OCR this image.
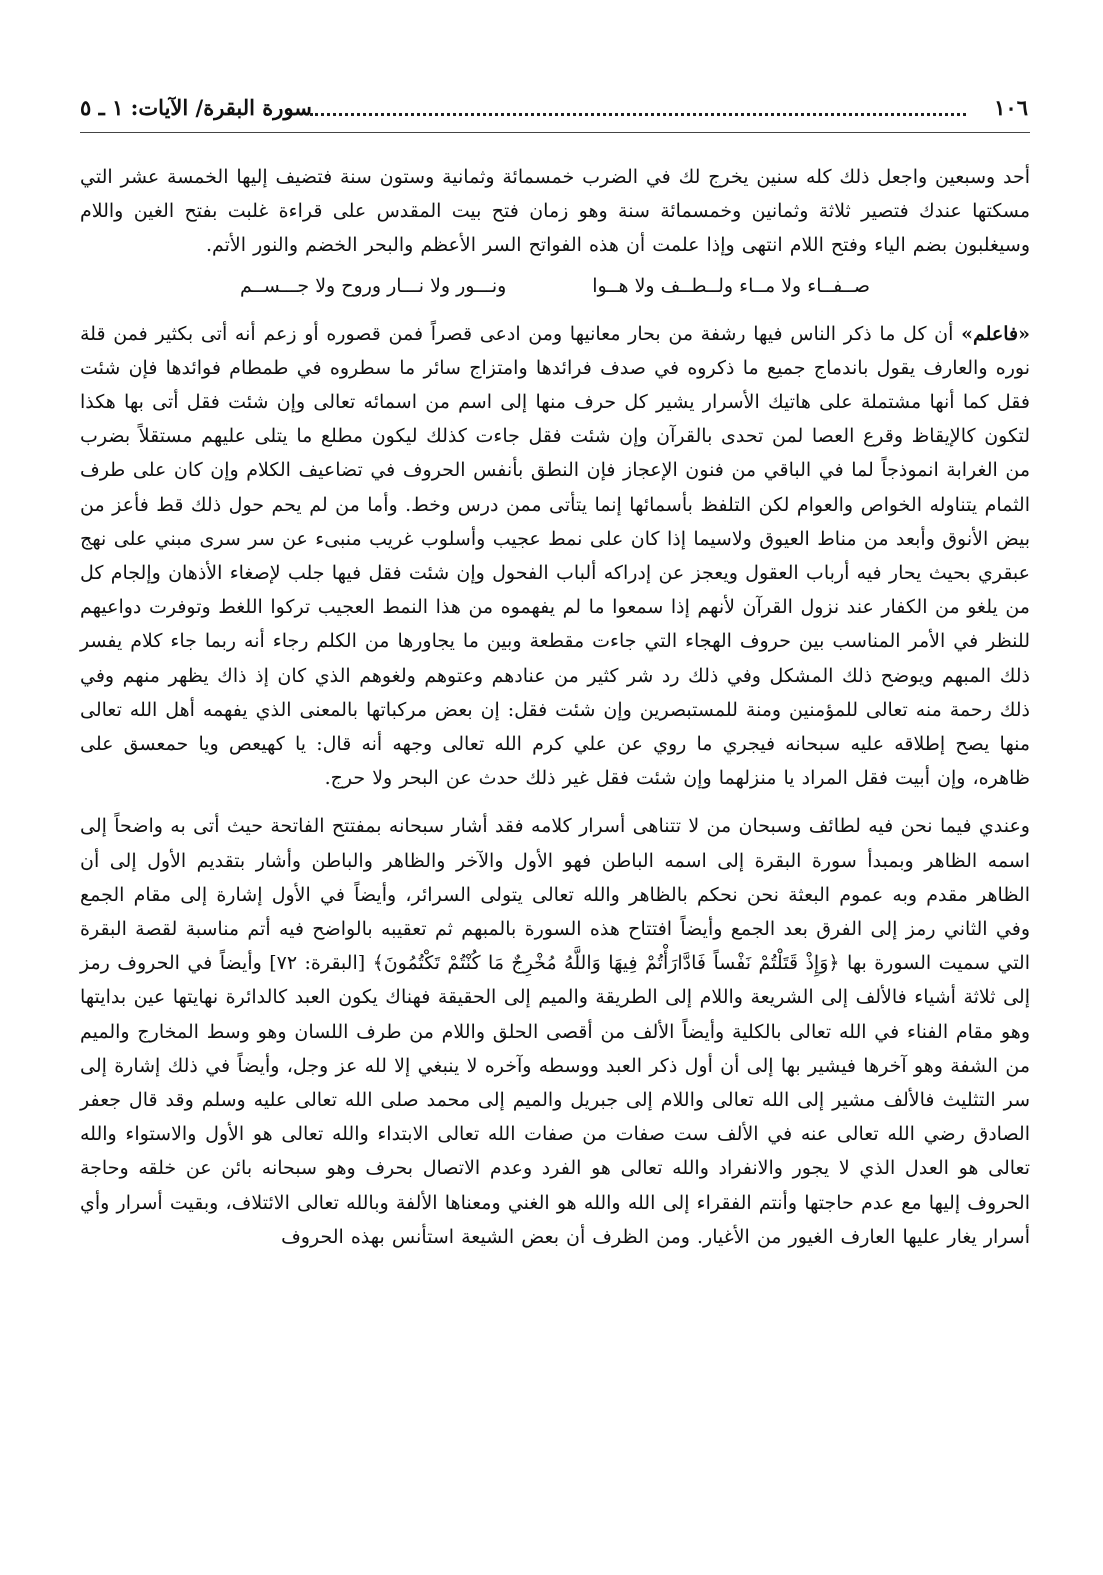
١٠٦
سورة البقرة/ الآيات: ١ ـ ٥

أحد وسبعين واجعل ذلك كله سنين يخرج لك في الضرب خمسمائة وثمانية وستون سنة فتضيف إليها الخمسة عشر التي مسكتها عندك فتصير ثلاثة وثمانين وخمسمائة سنة وهو زمان فتح بيت المقدس على قراءة غلبت بفتح الغين واللام وسيغلبون بضم الياء وفتح اللام انتهى وإذا علمت أن هذه الفواتح السر الأعظم والبحر الخضم والنور الأتم.

صــفــاء ولا مــاء ولــطــف ولا هــوا
ونـــور ولا نـــار وروح ولا جـــســم

«فاعلم» أن كل ما ذكر الناس فيها رشفة من بحار معانيها ومن ادعى قصراً فمن قصوره أو زعم أنه أتى بكثير فمن قلة نوره والعارف يقول باندماج جميع ما ذكروه في صدف فرائدها وامتزاج سائر ما سطروه في طمطام فوائدها فإن شئت فقل كما أنها مشتملة على هاتيك الأسرار يشير كل حرف منها إلى اسم من اسمائه تعالى وإن شئت فقل أتى بها هكذا لتكون كالإيقاظ وقرع العصا لمن تحدى بالقرآن وإن شئت فقل جاءت كذلك ليكون مطلع ما يتلى عليهم مستقلاً بضرب من الغرابة انموذجاً لما في الباقي من فنون الإعجاز فإن النطق بأنفس الحروف في تضاعيف الكلام وإن كان على طرف الثمام يتناوله الخواص والعوام لكن التلفظ بأسمائها إنما يتأتى ممن درس وخط. وأما من لم يحم حول ذلك قط فأعز من بيض الأنوق وأبعد من مناط العيوق ولاسيما إذا كان على نمط عجيب وأسلوب غريب منبىء عن سر سرى مبني على نهج عبقري بحيث يحار فيه أرباب العقول ويعجز عن إدراكه ألباب الفحول وإن شئت فقل فيها جلب لإصغاء الأذهان وإلجام كل من يلغو من الكفار عند نزول القرآن لأنهم إذا سمعوا ما لم يفهموه من هذا النمط العجيب تركوا اللغط وتوفرت دواعيهم للنظر في الأمر المناسب بين حروف الهجاء التي جاءت مقطعة وبين ما يجاورها من الكلم رجاء أنه ربما جاء كلام يفسر ذلك المبهم ويوضح ذلك المشكل وفي ذلك رد شر كثير من عنادهم وعتوهم ولغوهم الذي كان إذ ذاك يظهر منهم وفي ذلك رحمة منه تعالى للمؤمنين ومنة للمستبصرين وإن شئت فقل: إن بعض مركباتها بالمعنى الذي يفهمه أهل الله تعالى منها يصح إطلاقه عليه سبحانه فيجري ما روي عن علي كرم الله تعالى وجهه أنه قال: يا كهيعص ويا حمعسق على ظاهره، وإن أبيت فقل المراد يا منزلهما وإن شئت فقل غير ذلك حدث عن البحر ولا حرج.

وعندي فيما نحن فيه لطائف وسبحان من لا تتناهى أسرار كلامه فقد أشار سبحانه بمفتتح الفاتحة حيث أتى به واضحاً إلى اسمه الظاهر وبمبدأ سورة البقرة إلى اسمه الباطن فهو الأول والآخر والظاهر والباطن وأشار بتقديم الأول إلى أن الظاهر مقدم وبه عموم البعثة نحن نحكم بالظاهر والله تعالى يتولى السرائر، وأيضاً في الأول إشارة إلى مقام الجمع وفي الثاني رمز إلى الفرق بعد الجمع وأيضاً افتتاح هذه السورة بالمبهم ثم تعقيبه بالواضح فيه أتم مناسبة لقصة البقرة التي سميت السورة بها ﴿وَإِذْ قَتَلْتُمْ نَفْساً فَادَّارَأْتُمْ فِيهَا وَاللَّهُ مُخْرِجٌ مَا كُنْتُمْ تَكْتُمُونَ﴾ [البقرة: ٧٢] وأيضاً في الحروف رمز إلى ثلاثة أشياء فالألف إلى الشريعة واللام إلى الطريقة والميم إلى الحقيقة فهناك يكون العبد كالدائرة نهايتها عين بدايتها وهو مقام الفناء في الله تعالى بالكلية وأيضاً الألف من أقصى الحلق واللام من طرف اللسان وهو وسط المخارج والميم من الشفة وهو آخرها فيشير بها إلى أن أول ذكر العبد ووسطه وآخره لا ينبغي إلا لله عز وجل، وأيضاً في ذلك إشارة إلى سر التثليث فالألف مشير إلى الله تعالى واللام إلى جبريل والميم إلى محمد صلى الله تعالى عليه وسلم وقد قال جعفر الصادق رضي الله تعالى عنه في الألف ست صفات من صفات الله تعالى الابتداء والله تعالى هو الأول والاستواء والله تعالى هو العدل الذي لا يجور والانفراد والله تعالى هو الفرد وعدم الاتصال بحرف وهو سبحانه بائن عن خلقه وحاجة الحروف إليها مع عدم حاجتها وأنتم الفقراء إلى الله والله هو الغني ومعناها الألفة وبالله تعالى الائتلاف، وبقيت أسرار وأي أسرار يغار عليها العارف الغيور من الأغيار. ومن الظرف أن بعض الشيعة استأنس بهذه الحروف
